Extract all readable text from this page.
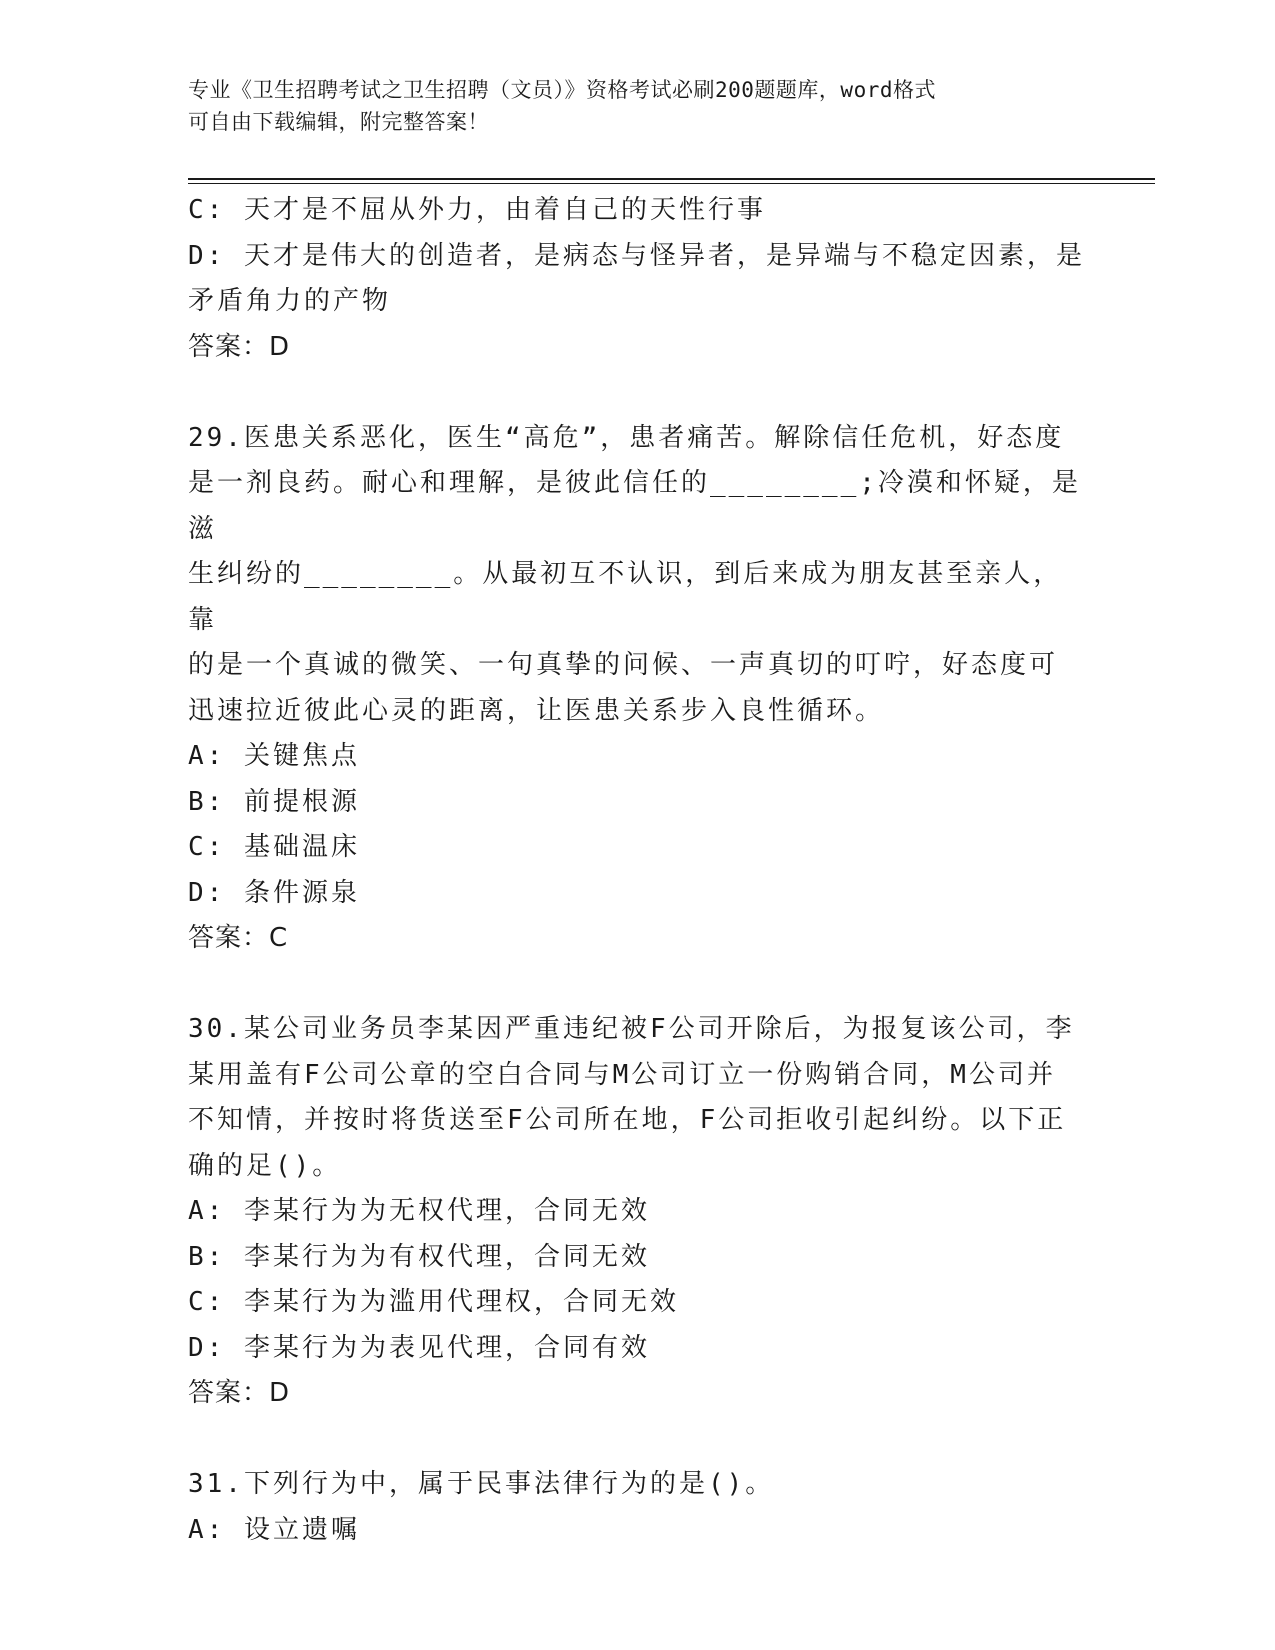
专业《卫生招聘考试之卫生招聘（文员）》资格考试必刷200题题库，word格式
可自由下载编辑，附完整答案！

C: 天才是不屈从外力，由着自己的天性行事

D: 天才是伟大的创造者，是病态与怪异者，是异端与不稳定因素，是

矛盾角力的产物

答案：D

29.医患关系恶化，医生“高危”，患者痛苦。解除信任危机，好态度

是一剂良药。耐心和理解，是彼此信任的________;冷漠和怀疑，是滋

生纠纷的________。从最初互不认识，到后来成为朋友甚至亲人，靠

的是一个真诚的微笑、一句真挚的问候、一声真切的叮咛，好态度可

迅速拉近彼此心灵的距离，让医患关系步入良性循环。

A: 关键焦点

B: 前提根源

C: 基础温床

D: 条件源泉

答案：C

30.某公司业务员李某因严重违纪被F公司开除后，为报复该公司，李

某用盖有F公司公章的空白合同与M公司订立一份购销合同，M公司并

不知情，并按时将货送至F公司所在地，F公司拒收引起纠纷。以下正

确的足()。

A: 李某行为为无权代理，合同无效

B: 李某行为为有权代理，合同无效

C: 李某行为为滥用代理权，合同无效

D: 李某行为为表见代理，合同有效

答案：D

31.下列行为中，属于民事法律行为的是()。

A: 设立遗嘱
